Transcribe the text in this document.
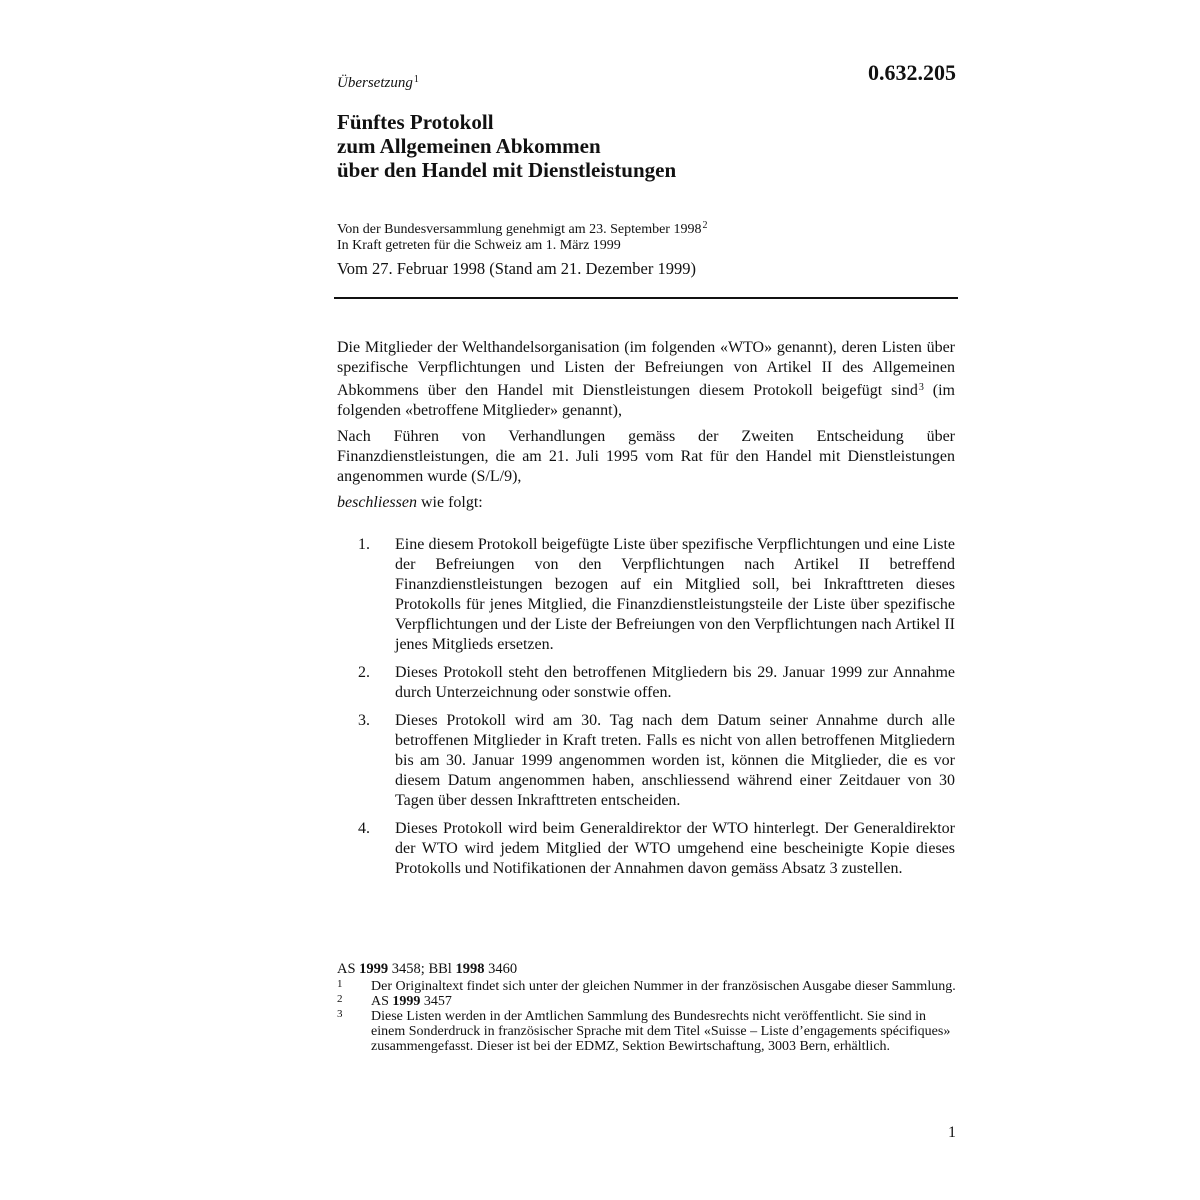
0.632.205
Übersetzung$^1$
Fünftes Protokoll
zum Allgemeinen Abkommen
über den Handel mit Dienstleistungen
Von der Bundesversammlung genehmigt am 23. September 1998$^2$
In Kraft getreten für die Schweiz am 1. März 1999
Vom 27. Februar 1998 (Stand am 21. Dezember 1999)
Die Mitglieder der Welthandelsorganisation (im folgenden «WTO» genannt), deren Listen über spezifische Verpflichtungen und Listen der Befreiungen von Artikel II des Allgemeinen Abkommens über den Handel mit Dienstleistungen diesem Protokoll beigefügt sind$^3$ (im folgenden «betroffene Mitglieder» genannt),
Nach Führen von Verhandlungen gemäss der Zweiten Entscheidung über Finanzdienstleistungen, die am 21. Juli 1995 vom Rat für den Handel mit Dienstleistungen angenommen wurde (S/L/9),
beschliessen wie folgt:
1. Eine diesem Protokoll beigefügte Liste über spezifische Verpflichtungen und eine Liste der Befreiungen von den Verpflichtungen nach Artikel II betreffend Finanzdienstleistungen bezogen auf ein Mitglied soll, bei Inkrafttreten dieses Protokolls für jenes Mitglied, die Finanzdienstleistungsteile der Liste über spezifische Verpflichtungen und der Liste der Befreiungen von den Verpflichtungen nach Artikel II jenes Mitglieds ersetzen.
2. Dieses Protokoll steht den betroffenen Mitgliedern bis 29. Januar 1999 zur Annahme durch Unterzeichnung oder sonstwie offen.
3. Dieses Protokoll wird am 30. Tag nach dem Datum seiner Annahme durch alle betroffenen Mitglieder in Kraft treten. Falls es nicht von allen betroffenen Mitgliedern bis am 30. Januar 1999 angenommen worden ist, können die Mitglieder, die es vor diesem Datum angenommen haben, anschliessend während einer Zeitdauer von 30 Tagen über dessen Inkrafttreten entscheiden.
4. Dieses Protokoll wird beim Generaldirektor der WTO hinterlegt. Der Generaldirektor der WTO wird jedem Mitglied der WTO umgehend eine bescheinigte Kopie dieses Protokolls und Notifikationen der Annahmen davon gemäss Absatz 3 zustellen.
AS 1999 3458; BBl 1998 3460
1 Der Originaltext findet sich unter der gleichen Nummer in der französischen Ausgabe dieser Sammlung.
2 AS 1999 3457
3 Diese Listen werden in der Amtlichen Sammlung des Bundesrechts nicht veröffentlicht. Sie sind in einem Sonderdruck in französischer Sprache mit dem Titel «Suisse – Liste d’engagements spécifiques» zusammengefasst. Dieser ist bei der EDMZ, Sektion Bewirtschaftung, 3003 Bern, erhältlich.
1
